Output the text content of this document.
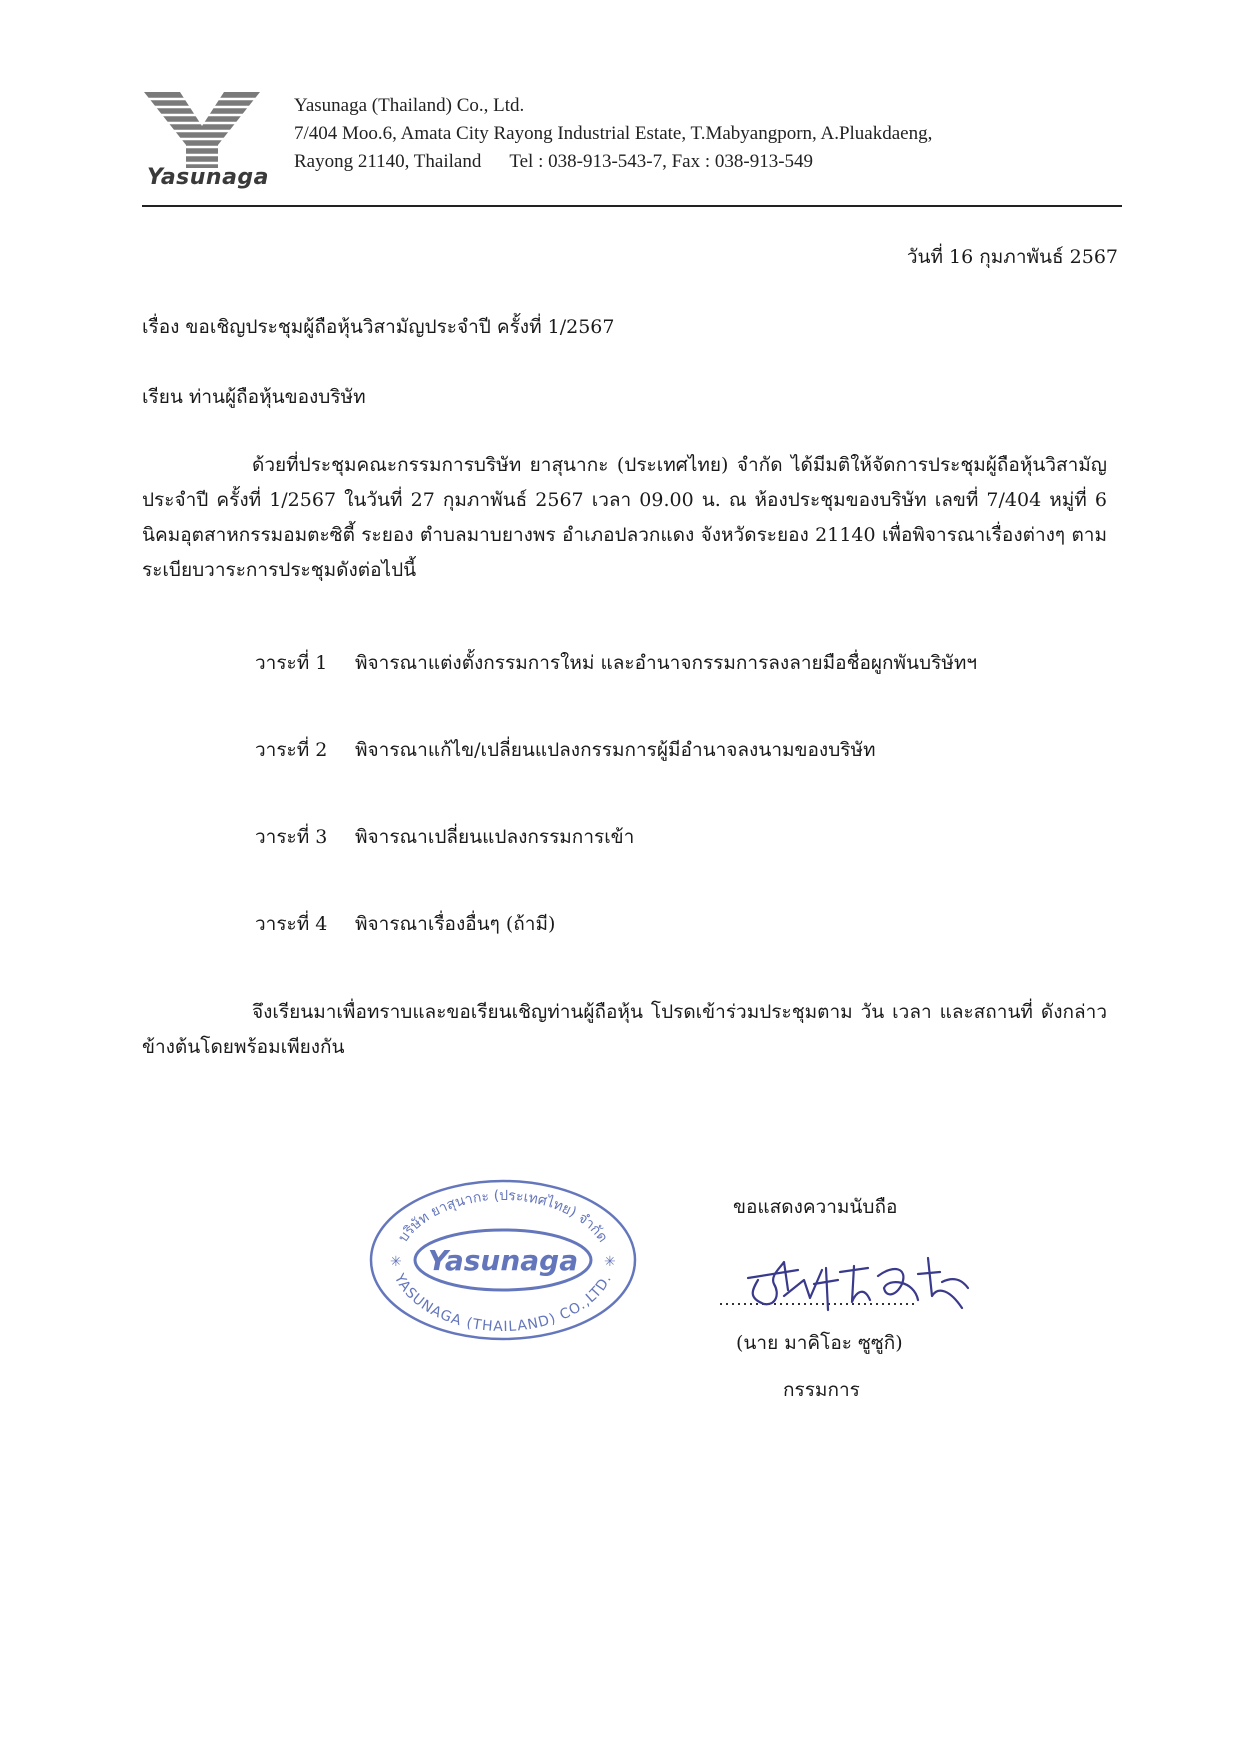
Yasunaga
Yasunaga (Thailand) Co., Ltd.
7/404 Moo.6, Amata City Rayong Industrial Estate, T.Mabyangporn, A.Pluakdaeng,
Rayong 21140, Thailand Tel : 038-913-543-7, Fax : 038-913-549
วันที่ 16 กุมภาพันธ์ 2567
เรื่อง ขอเชิญประชุมผู้ถือหุ้นวิสามัญประจำปี ครั้งที่ 1/2567
เรียน ท่านผู้ถือหุ้นของบริษัท
ด้วยที่ประชุมคณะกรรมการบริษัท ยาสุนากะ (ประเทศไทย) จำกัด ได้มีมติให้จัดการประชุมผู้ถือหุ้นวิสามัญประจำปี ครั้งที่ 1/2567 ในวันที่ 27 กุมภาพันธ์ 2567 เวลา 09.00 น. ณ ห้องประชุมของบริษัท เลขที่ 7/404 หมู่ที่ 6 นิคมอุตสาหกรรมอมตะซิตี้ ระยอง ตำบลมาบยางพร อำเภอปลวกแดง จังหวัดระยอง 21140 เพื่อพิจารณาเรื่องต่างๆ ตามระเบียบวาระการประชุมดังต่อไปนี้
วาระที่ 1 พิจารณาแต่งตั้งกรรมการใหม่ และอำนาจกรรมการลงลายมือชื่อผูกพันบริษัทฯ
วาระที่ 2 พิจารณาแก้ไข/เปลี่ยนแปลงกรรมการผู้มีอำนาจลงนามของบริษัท
วาระที่ 3 พิจารณาเปลี่ยนแปลงกรรมการเข้า
วาระที่ 4 พิจารณาเรื่องอื่นๆ (ถ้ามี)
จึงเรียนมาเพื่อทราบและขอเรียนเชิญท่านผู้ถือหุ้น โปรดเข้าร่วมประชุมตาม วัน เวลา และสถานที่ ดังกล่าวข้างต้นโดยพร้อมเพียงกัน
บริษัท ยาสุนากะ (ประเทศไทย) จำกัด
Yasunaga
YASUNAGA (THAILAND) CO.,LTD.
✳	✳
ขอแสดงความนับถือ
(นาย มาคิโอะ ซูซูกิ)
กรรมการ
